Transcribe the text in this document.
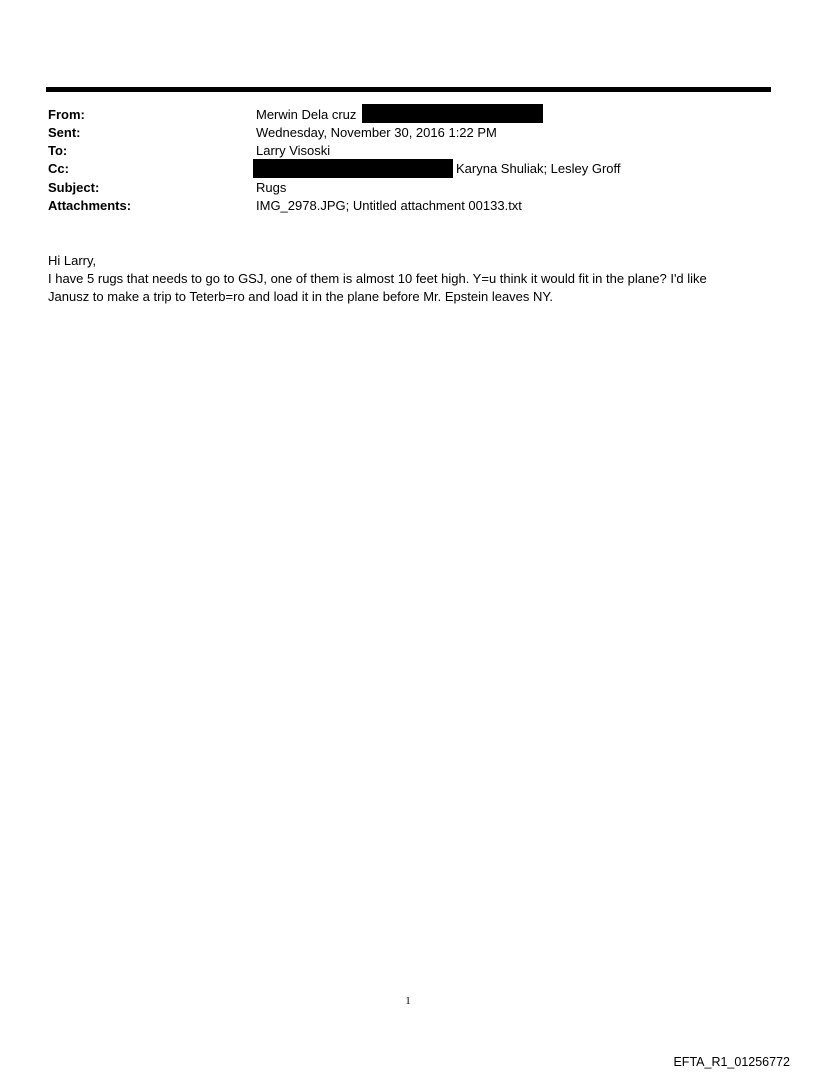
From:	Merwin Dela cruz
Sent:	Wednesday, November 30, 2016 1:22 PM
To:	Larry Visoski
Cc:	Karyna Shuliak; Lesley Groff
Subject:	Rugs
Attachments:	IMG_2978.JPG; Untitled attachment 00133.txt

Hi Larry,

I have 5 rugs that needs to go to GSJ, one of them is almost 10 feet high. Y=u think it would fit in the plane? I'd like

Janusz to make a trip to Teterb=ro and load it in the plane before Mr. Epstein leaves NY.

1
EFTA_R1_01256772
